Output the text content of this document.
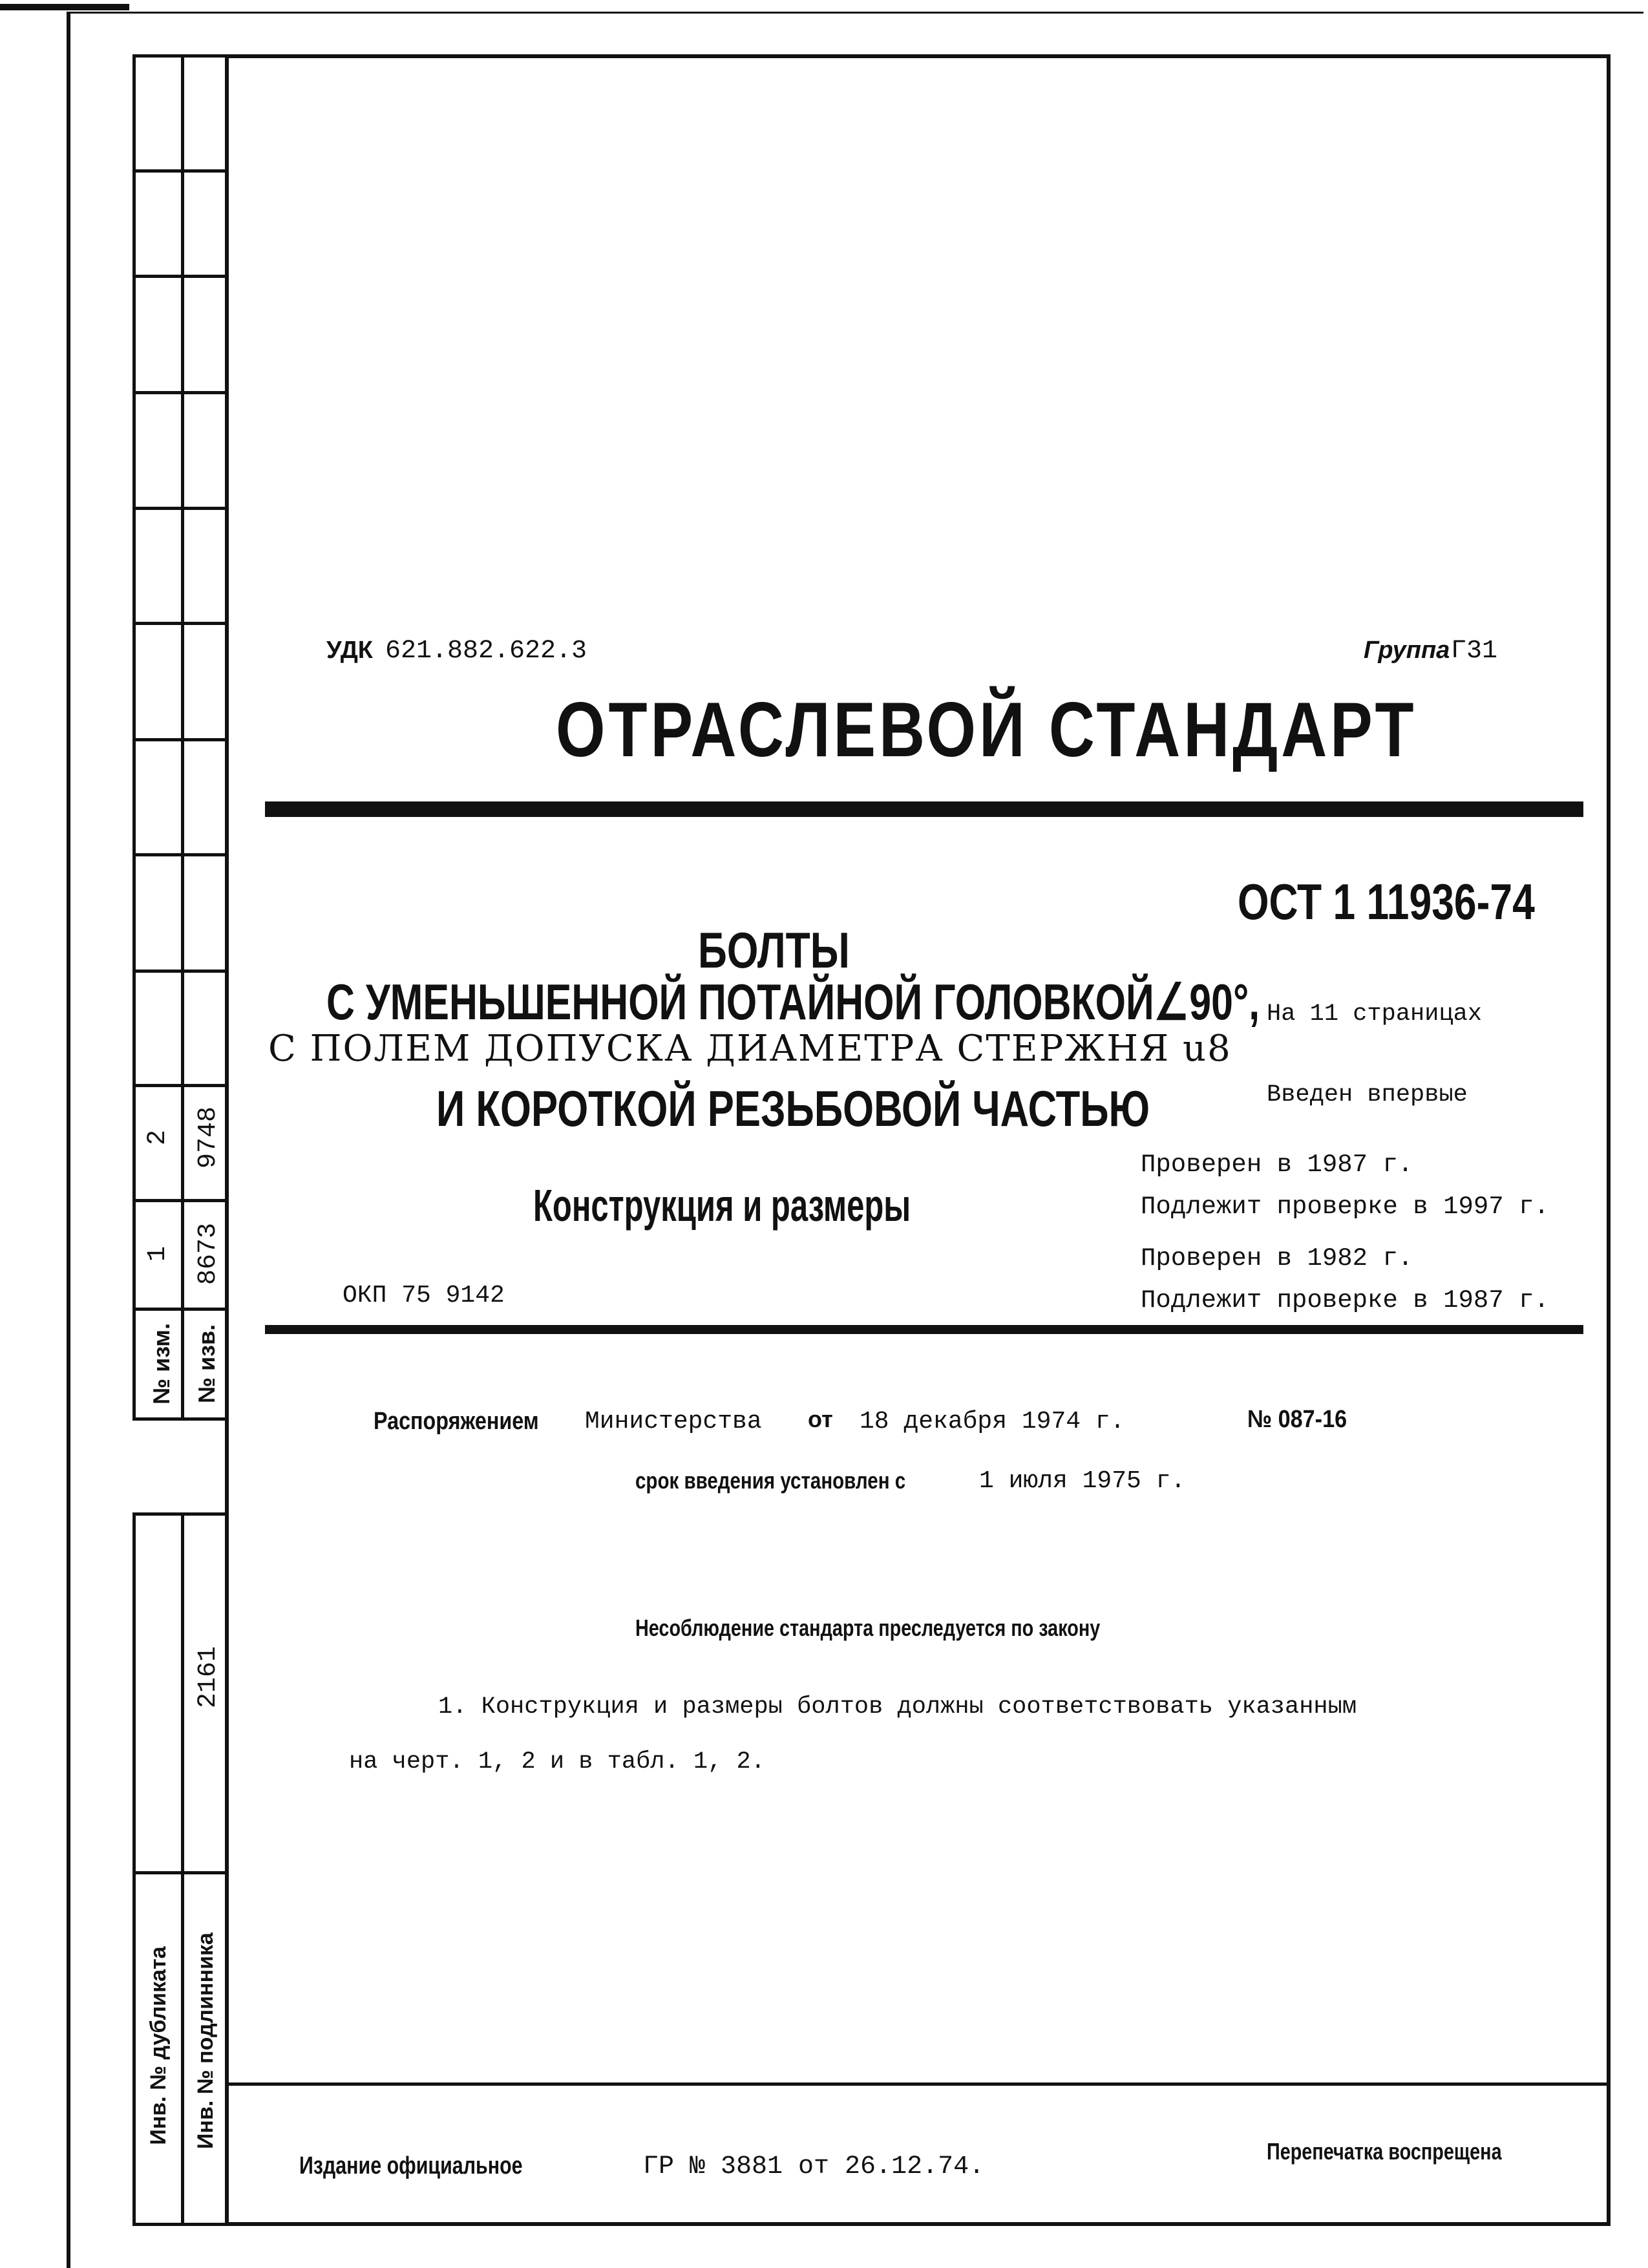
2 9748
1 8673
№ изм. № изв.
2161
Инв. № дубликата Инв. № подлинника
УДК 621.882.622.3	Группа Г31
ОТРАСЛЕВОЙ СТАНДАРТ
ОСТ 1 11936-74
БОЛТЫ
С УМЕНЬШЕННОЙ ПОТАЙНОЙ ГОЛОВКОЙ∠90°,
С ПОЛЕМ ДОПУСКА ДИАМЕТРА СТЕРЖНЯ u8
И КОРОТКОЙ РЕЗЬБОВОЙ ЧАСТЬЮ
Конструкция и размеры
ОКП 75 9142
На 11 страницах
Введен впервые
Проверен в 1987 г.
Подлежит проверке в 1997 г.
Проверен в 1982 г.
Подлежит проверке в 1987 г.
Распоряжением Министерства от 18 декабря 1974 г.	№ 087-16
срок введения установлен с	1 июля 1975 г.
Несоблюдение стандарта преследуется по закону
1. Конструкция и размеры болтов должны соответствовать указанным
на черт. 1, 2 и в табл. 1, 2.
Издание официальное	ГР № 3881 от 26.12.74.
Перепечатка воспрещена
